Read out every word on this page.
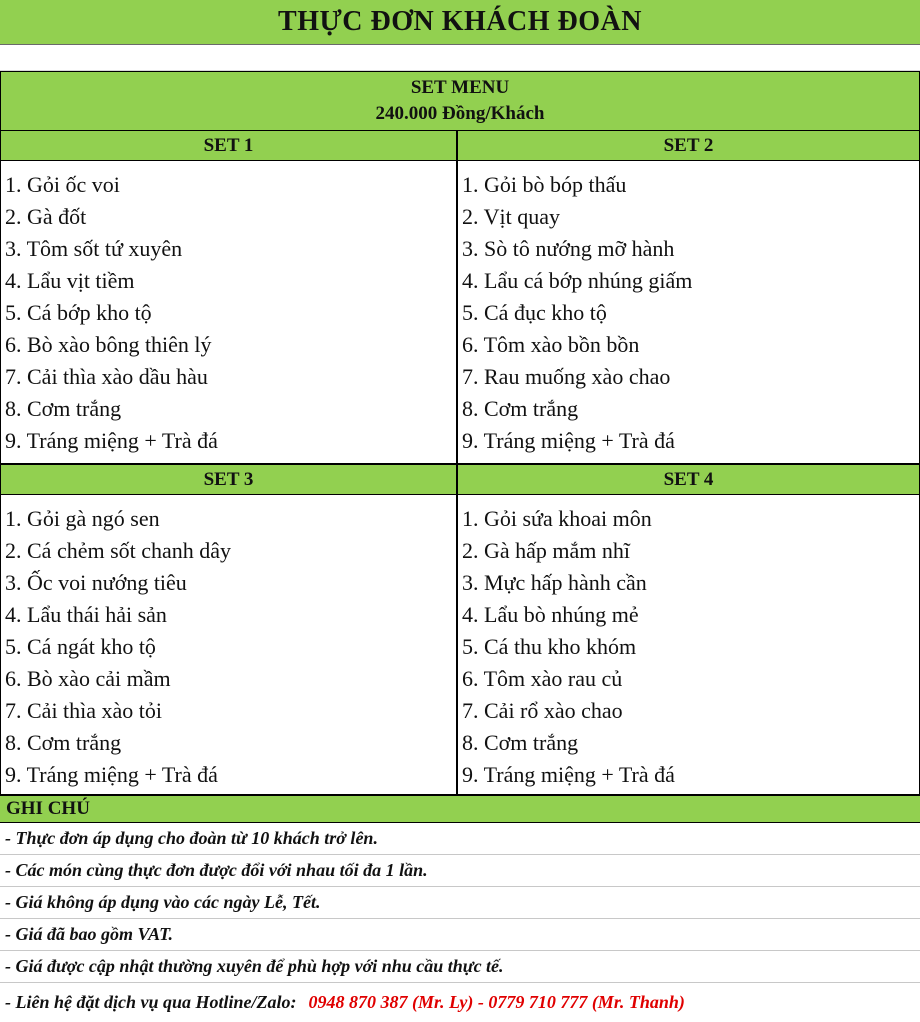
THỰC ĐƠN KHÁCH ĐOÀN
SET MENU
240.000 Đồng/Khách
SET 1
1. Gỏi ốc voi
2. Gà đốt
3. Tôm sốt tứ xuyên
4. Lẩu vịt tiềm
5. Cá bớp kho tộ
6. Bò xào bông thiên lý
7. Cải thìa xào dầu hàu
8. Cơm trắng
9. Tráng miệng + Trà đá
SET 2
1. Gỏi bò bóp thấu
2. Vịt quay
3. Sò tô nướng mỡ hành
4. Lẩu cá bớp nhúng giấm
5. Cá đục kho tộ
6. Tôm xào bồn bồn
7. Rau muống xào chao
8. Cơm trắng
9. Tráng miệng + Trà đá
SET 3
1. Gỏi gà ngó sen
2. Cá chẻm sốt chanh dây
3. Ốc voi nướng tiêu
4. Lẩu thái hải sản
5. Cá ngát kho tộ
6. Bò xào cải mầm
7. Cải thìa xào tỏi
8. Cơm trắng
9. Tráng miệng + Trà đá
SET 4
1. Gỏi sứa khoai môn
2. Gà hấp mắm nhĩ
3. Mực hấp hành cần
4. Lẩu bò nhúng mẻ
5. Cá thu kho khóm
6. Tôm xào rau củ
7. Cải rổ xào chao
8. Cơm trắng
9. Tráng miệng + Trà đá
GHI CHÚ
- Thực đơn áp dụng cho đoàn từ 10 khách trở lên.
- Các món cùng thực đơn được đổi với nhau tối đa 1 lần.
- Giá không áp dụng vào các ngày Lễ, Tết.
- Giá đã bao gồm VAT.
- Giá được cập nhật thường xuyên để phù hợp với nhu cầu thực tế.
- Liên hệ đặt dịch vụ qua Hotline/Zalo: 0948 870 387 (Mr. Ly) - 0779 710 777 (Mr. Thanh)
